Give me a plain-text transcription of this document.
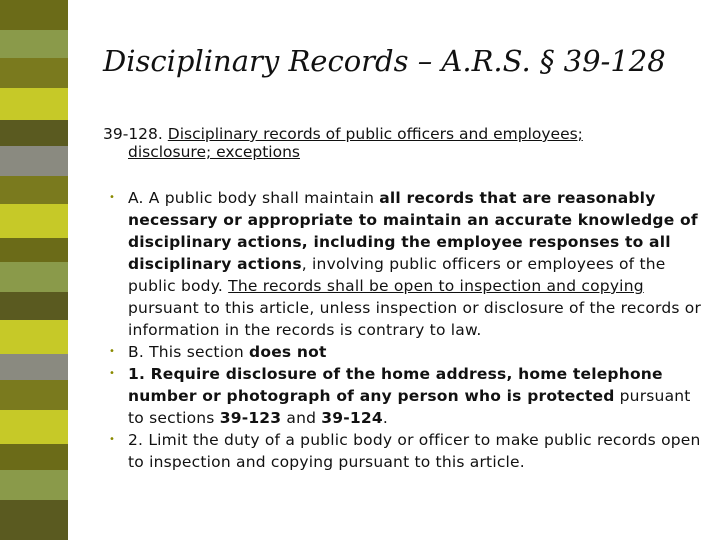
Disciplinary Records – A.R.S. § 39-128
39-128. Disciplinary records of public officers and employees;
disclosure; exceptions
• A. A public body shall maintain all records that are reasonably necessary or appropriate to maintain an accurate knowledge of disciplinary actions, including the employee responses to all disciplinary actions, involving public officers or employees of the public body. The records shall be open to inspection and copying pursuant to this article, unless inspection or disclosure of the records or information in the records is contrary to law.
• B. This section does not
• 1. Require disclosure of the home address, home telephone number or photograph of any person who is protected pursuant to sections 39-123 and 39-124.
• 2. Limit the duty of a public body or officer to make public records open to inspection and copying pursuant to this article.
